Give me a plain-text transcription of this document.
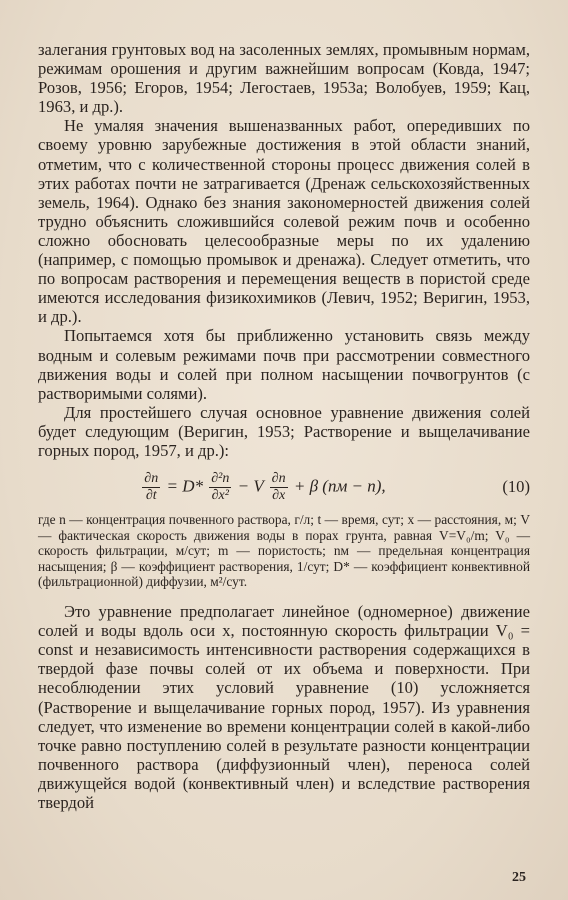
залегания грунтовых вод на засоленных землях, промывным нормам, режимам орошения и другим важнейшим вопросам (Ковда, 1947; Розов, 1956; Егоров, 1954; Легостаев, 1953а; Волобуев, 1959; Кац, 1963, и др.).

Не умаляя значения вышеназванных работ, опередивших по своему уровню зарубежные достижения в этой области знаний, отметим, что с количественной стороны процесс движения солей в этих работах почти не затрагивается (Дренаж сельскохозяйственных земель, 1964). Однако без знания закономерностей движения солей трудно объяснить сложившийся солевой режим почв и особенно сложно обосновать целесообразные меры по их удалению (например, с помощью промывок и дренажа). Следует отметить, что по вопросам растворения и перемещения веществ в пористой среде имеются исследования физикохимиков (Левич, 1952; Веригин, 1953, и др.).

Попытаемся хотя бы приближенно установить связь между водным и солевым режимами почв при рассмотрении совместного движения воды и солей при полном насыщении почвогрунтов (с растворимыми солями).

Для простейшего случая основное уравнение движения солей будет следующим (Веригин, 1953; Растворение и выщелачивание горных пород, 1957, и др.):

$\frac{\partial n}{\partial t} = D* \frac{\text{∂²n}}{\text{∂x²}} - V \frac{\partial n}{\partial x} + \beta$ (nм − n),	(10)

где n — концентрация почвенного раствора, г/л; t — время, сут; x — расстояния, м; V — фактическая скорость движения воды в порах грунта, равная V=V₀/m; V₀ — скорость фильтрации, м/сут; m — пористость; nм — предельная концентрация насыщения; β — коэффициент растворения, 1/сут; D* — коэффициент конвективной (фильтрационной) диффузии, м²/сут.

Это уравнение предполагает линейное (одномерное) движение солей и воды вдоль оси x, постоянную скорость фильтрации V₀ = const и независимость интенсивности растворения содержащихся в твердой фазе почвы солей от их объема и поверхности. При несоблюдении этих условий уравнение (10) усложняется (Растворение и выщелачивание горных пород, 1957). Из уравнения следует, что изменение во времени концентрации солей в какой-либо точке равно поступлению солей в результате разности концентрации почвенного раствора (диффузионный член), переноса солей движущейся водой (конвективный член) и вследствие растворения твердой

25
